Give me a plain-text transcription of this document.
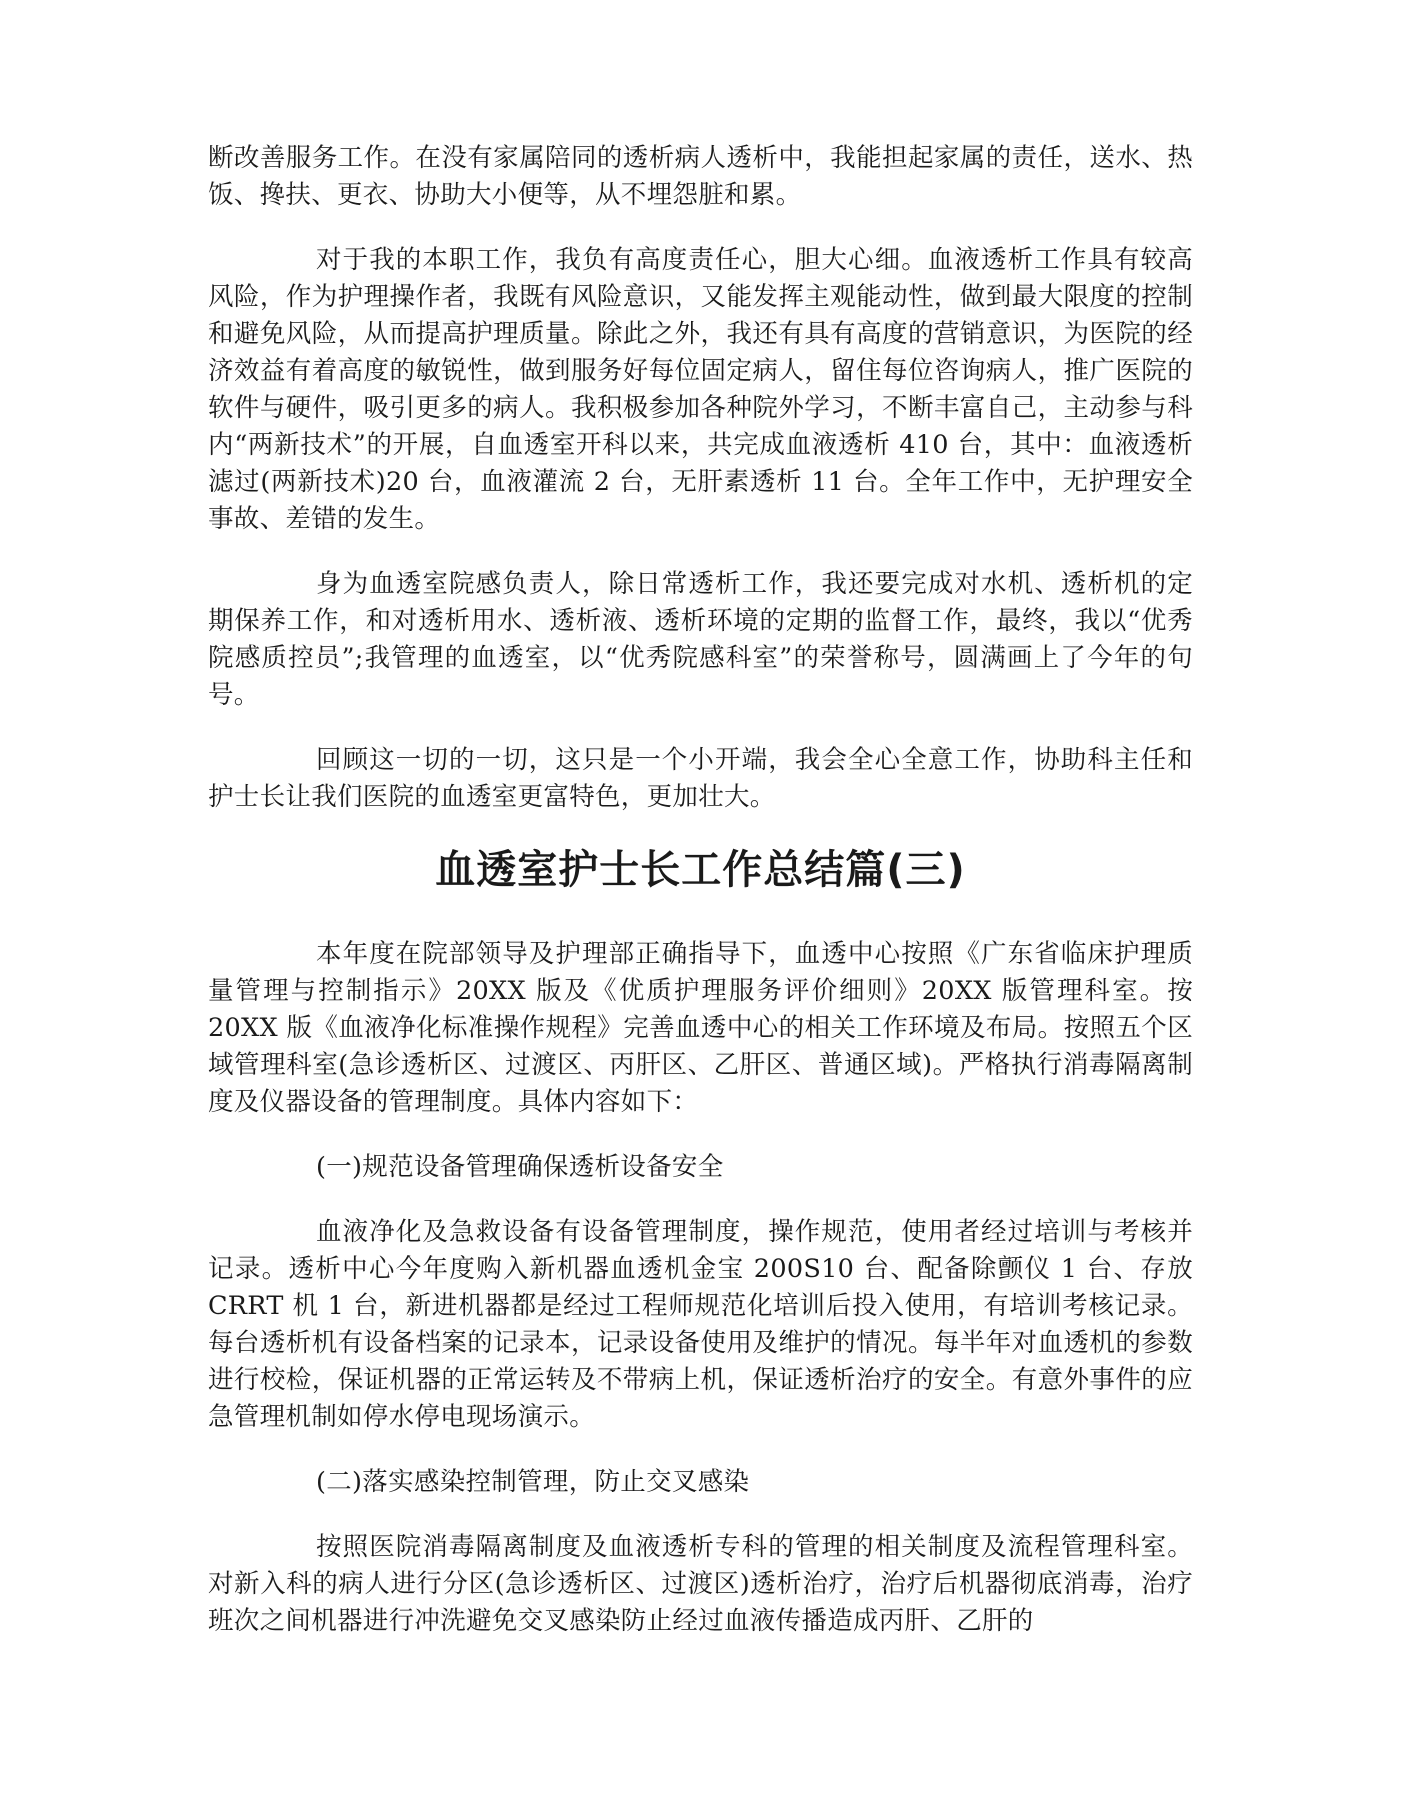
断改善服务工作。在没有家属陪同的透析病人透析中，我能担起家属的责任，送水、热饭、搀扶、更衣、协助大小便等，从不埋怨脏和累。

对于我的本职工作，我负有高度责任心，胆大心细。血液透析工作具有较高风险，作为护理操作者，我既有风险意识，又能发挥主观能动性，做到最大限度的控制和避免风险，从而提高护理质量。除此之外，我还有具有高度的营销意识，为医院的经济效益有着高度的敏锐性，做到服务好每位固定病人，留住每位咨询病人，推广医院的软件与硬件，吸引更多的病人。我积极参加各种院外学习，不断丰富自己，主动参与科内“两新技术”的开展，自血透室开科以来，共完成血液透析 410 台，其中：血液透析滤过(两新技术)20 台，血液灌流 2 台，无肝素透析 11 台。全年工作中，无护理安全事故、差错的发生。

身为血透室院感负责人，除日常透析工作，我还要完成对水机、透析机的定期保养工作，和对透析用水、透析液、透析环境的定期的监督工作，最终，我以“优秀院感质控员”;我管理的血透室，以“优秀院感科室”的荣誉称号，圆满画上了今年的句号。

回顾这一切的一切，这只是一个小开端，我会全心全意工作，协助科主任和护士长让我们医院的血透室更富特色，更加壮大。

血透室护士长工作总结篇(三)

本年度在院部领导及护理部正确指导下，血透中心按照《广东省临床护理质量管理与控制指示》20XX 版及《优质护理服务评价细则》20XX 版管理科室。按 20XX 版《血液净化标准操作规程》完善血透中心的相关工作环境及布局。按照五个区域管理科室(急诊透析区、过渡区、丙肝区、乙肝区、普通区域)。严格执行消毒隔离制度及仪器设备的管理制度。具体内容如下：

(一)规范设备管理确保透析设备安全

血液净化及急救设备有设备管理制度，操作规范，使用者经过培训与考核并记录。透析中心今年度购入新机器血透机金宝 200S10 台、配备除颤仪 1 台、存放 CRRT 机 1 台，新进机器都是经过工程师规范化培训后投入使用，有培训考核记录。每台透析机有设备档案的记录本，记录设备使用及维护的情况。每半年对血透机的参数进行校检，保证机器的正常运转及不带病上机，保证透析治疗的安全。有意外事件的应急管理机制如停水停电现场演示。

(二)落实感染控制管理，防止交叉感染

按照医院消毒隔离制度及血液透析专科的管理的相关制度及流程管理科室。对新入科的病人进行分区(急诊透析区、过渡区)透析治疗，治疗后机器彻底消毒，治疗班次之间机器进行冲洗避免交叉感染防止经过血液传播造成丙肝、乙肝的
